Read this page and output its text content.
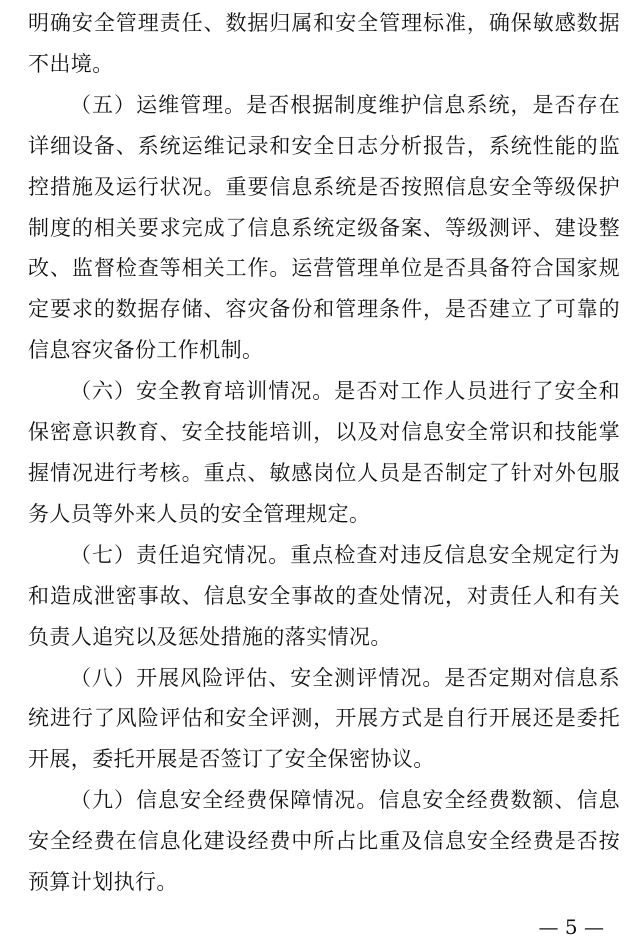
明确安全管理责任、数据归属和安全管理标准，确保敏感数据不出境。

（五）运维管理。是否根据制度维护信息系统，是否存在详细设备、系统运维记录和安全日志分析报告，系统性能的监控措施及运行状况。重要信息系统是否按照信息安全等级保护制度的相关要求完成了信息系统定级备案、等级测评、建设整改、监督检查等相关工作。运营管理单位是否具备符合国家规定要求的数据存储、容灾备份和管理条件，是否建立了可靠的信息容灾备份工作机制。

（六）安全教育培训情况。是否对工作人员进行了安全和保密意识教育、安全技能培训，以及对信息安全常识和技能掌握情况进行考核。重点、敏感岗位人员是否制定了针对外包服务人员等外来人员的安全管理规定。

（七）责任追究情况。重点检查对违反信息安全规定行为和造成泄密事故、信息安全事故的查处情况，对责任人和有关负责人追究以及惩处措施的落实情况。

（八）开展风险评估、安全测评情况。是否定期对信息系统进行了风险评估和安全评测，开展方式是自行开展还是委托开展，委托开展是否签订了安全保密协议。

（九）信息安全经费保障情况。信息安全经费数额、信息安全经费在信息化建设经费中所占比重及信息安全经费是否按预算计划执行。

— 5 —
